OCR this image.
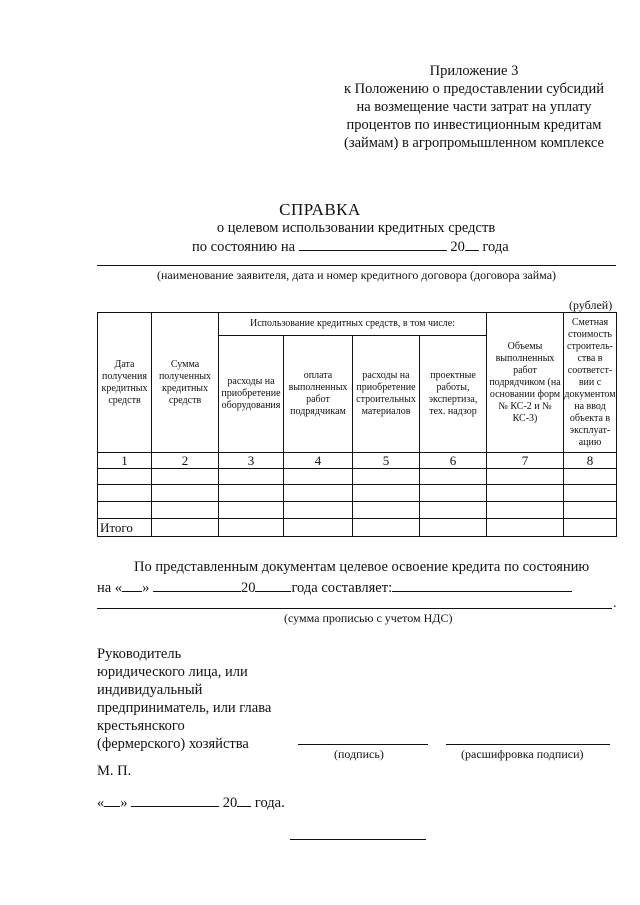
Приложение 3
к Положению о предоставлении субсидий
на возмещение части затрат на уплату
процентов по инвестиционным кредитам
(займам) в агропромышленном комплексе
СПРАВКА
о целевом использовании кредитных средств
по состоянию на	20 года
(наименование заявителя, дата и номер кредитного договора (договора займа)
(рублей)
Дата получения кредитных средств	Сумма полученных кредитных средств	Использование кредитных средств, в том числе:				Объемы выполненных работ подрядчиком (на основании форм № КС-2 и № КС-3)	Сметная стоимость строитель-ства в соответст-вии с документом на ввод объекта в эксплуат-ацию
		расходы на приобретение оборудования	оплата выполненных работ подрядчикам	расходы на приобретение строительных материалов	проектные работы, экспертиза, тех. надзор		
1	2	3	4	5	6	7	8

Итого							
По представленным документам целевое освоение кредита по состоянию
на « »	20 года составляет:
.
(сумма прописью с учетом НДС)
Руководитель
юридического лица, или
индивидуальный
предприниматель, или глава
крестьянского
(фермерского) хозяйства
(подпись)	(расшифровка подписи)
М. П.
« »	20 года.
